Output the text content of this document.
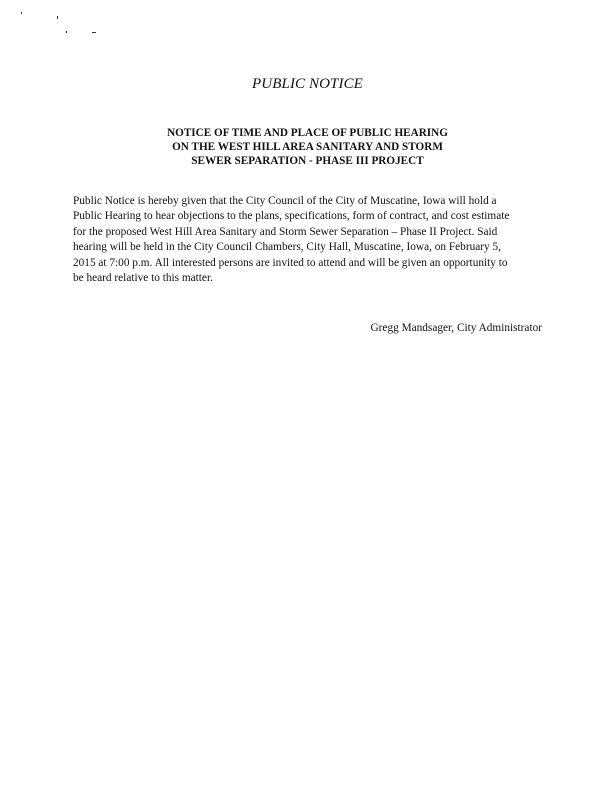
PUBLIC NOTICE
NOTICE OF TIME AND PLACE OF PUBLIC HEARING
ON THE WEST HILL AREA SANITARY AND STORM
SEWER SEPARATION - PHASE III PROJECT
Public Notice is hereby given that the City Council of the City of Muscatine, Iowa will hold a
Public Hearing to hear objections to the plans, specifications, form of contract, and cost estimate
for the proposed West Hill Area Sanitary and Storm Sewer Separation – Phase II Project. Said
hearing will be held in the City Council Chambers, City Hall, Muscatine, Iowa, on February 5,
2015 at 7:00 p.m. All interested persons are invited to attend and will be given an opportunity to
be heard relative to this matter.
Gregg Mandsager, City Administrator
